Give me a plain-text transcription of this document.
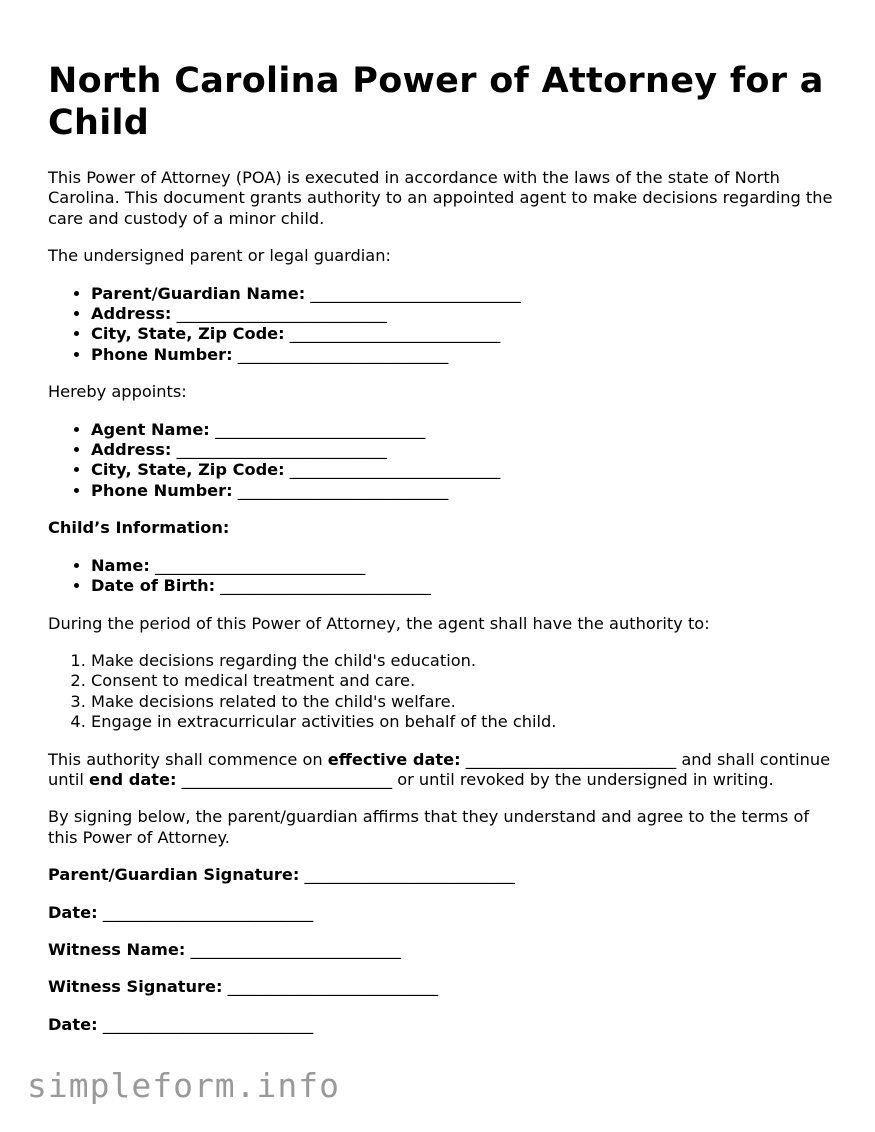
North Carolina Power of Attorney for a Child

This Power of Attorney (POA) is executed in accordance with the laws of the state of North Carolina. This document grants authority to an appointed agent to make decisions regarding the care and custody of a minor child.

The undersigned parent or legal guardian:

• Parent/Guardian Name: __________________________
• Address: __________________________
• City, State, Zip Code: __________________________
• Phone Number: __________________________

Hereby appoints:

• Agent Name: __________________________
• Address: __________________________
• City, State, Zip Code: __________________________
• Phone Number: __________________________
Child’s Information:
• Name: __________________________
• Date of Birth: __________________________

During the period of this Power of Attorney, the agent shall have the authority to:

1. Make decisions regarding the child's education.
2. Consent to medical treatment and care.
3. Make decisions related to the child's welfare.
4. Engage in extracurricular activities on behalf of the child.

This authority shall commence on effective date: __________________________ and shall continue until end date: __________________________ or until revoked by the undersigned in writing.

By signing below, the parent/guardian affirms that they understand and agree to the terms of this Power of Attorney.

Parent/Guardian Signature: __________________________
Date: __________________________
Witness Name: __________________________
Witness Signature: __________________________
Date: __________________________
simpleform.info
